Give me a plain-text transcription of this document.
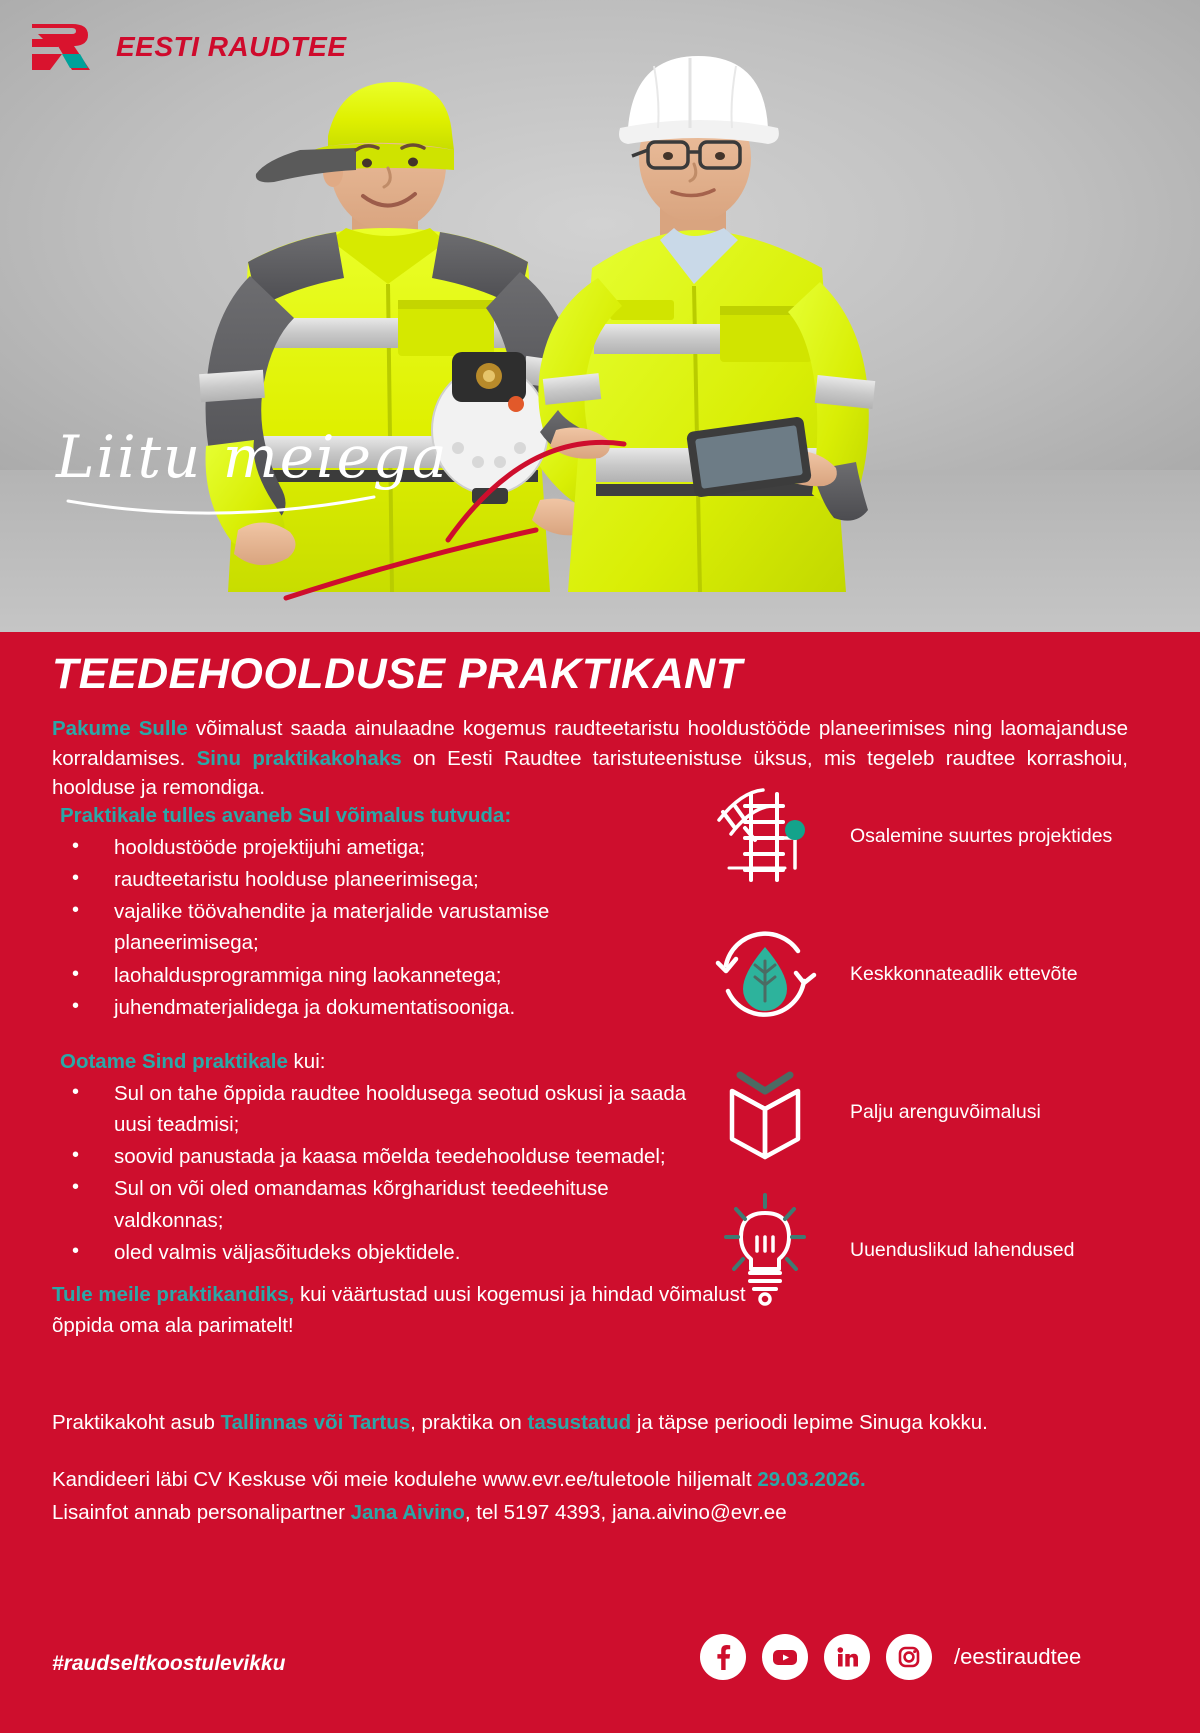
EESTI RAUDTEE
Liitu meiega
TEEDEHOOLDUSE PRAKTIKANT

Pakume Sulle võimalust saada ainulaadne kogemus raudteetaristu hooldustööde planeerimises ning laomajanduse korraldamises. Sinu praktikakohaks on Eesti Raudtee taristuteenistuse üksus, mis tegeleb raudtee korrashoiu, hoolduse ja remondiga.

Praktikale tulles avaneb Sul võimalus tutvuda:
• hooldustööde projektijuhi ametiga;
• raudteetaristu hoolduse planeerimisega;
• vajalike töövahendite ja materjalide varustamise planeerimisega;
• laohaldusprogrammiga ning laokannetega;
• juhendmaterjalidega ja dokumentatisooniga.
Ootame Sind praktikale kui:
• Sul on tahe õppida raudtee hooldusega seotud oskusi ja saada uusi teadmisi;
• soovid panustada ja kaasa mõelda teedehoolduse teemadel;
• Sul on või oled omandamas kõrgharidust teedeehituse valdkonnas;
• oled valmis väljasõitudeks objektidele.
Osalemine suurtes projektides
Keskkonnateadlik ettevõte
Palju arenguvõimalusi
Uuenduslikud lahendused

Tule meile praktikandiks, kui väärtustad uusi kogemusi ja hindad võimalust õppida oma ala parimatelt!

Praktikakoht asub Tallinnas või Tartus, praktika on tasustatud ja täpse perioodi lepime Sinuga kokku.

Kandideeri läbi CV Keskuse või meie kodulehe www.evr.ee/tuletoole hiljemalt 29.03.2026.

Lisainfot annab personalipartner Jana Aivino, tel 5197 4393, jana.aivino@evr.ee

#raudseltkoostulevikku	/eestiraudtee
